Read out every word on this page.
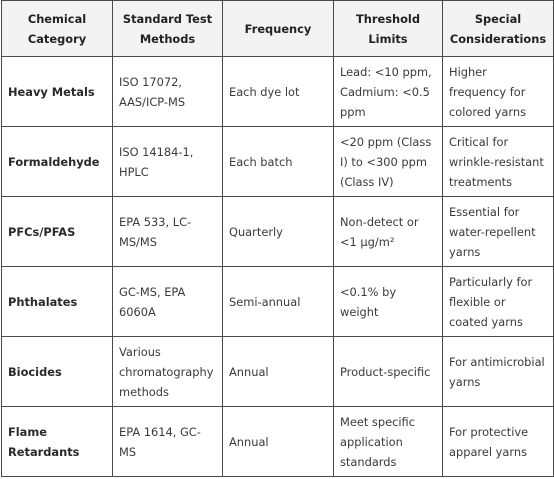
Chemical Category	Standard Test Methods	Frequency	Threshold Limits	Special Considerations
Heavy Metals	ISO 17072, AAS/ICP-MS	Each dye lot	Lead: <10 ppm, Cadmium: <0.5 ppm	Higher frequency for colored yarns
Formaldehyde	ISO 14184-1, HPLC	Each batch	<20 ppm (Class I) to <300 ppm (Class IV)	Critical for wrinkle-resistant treatments
PFCs/PFAS	EPA 533, LC-MS/MS	Quarterly	Non-detect or <1 μg/m²	Essential for water-repellent yarns
Phthalates	GC-MS, EPA 6060A	Semi-annual	<0.1% by weight	Particularly for flexible or coated yarns
Biocides	Various chromatography methods	Annual	Product-specific	For antimicrobial yarns
Flame Retardants	EPA 1614, GC-MS	Annual	Meet specific application standards	For protective apparel yarns
